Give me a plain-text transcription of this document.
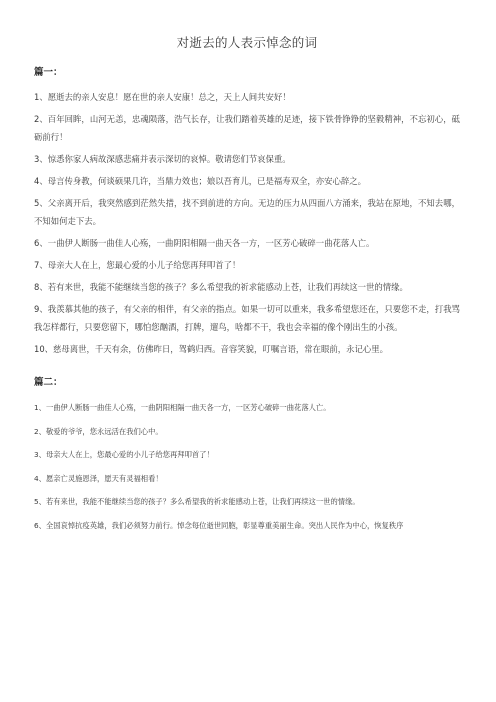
对逝去的人表示悼念的词
篇一：

1、愿逝去的亲人安息！愿在世的亲人安康！总之，天上人间共安好！

2、百年回眸，山河无恙，忠魂陨落，浩气长存，让我们踏着英雄的足迹，接下铁骨铮铮的坚毅精神，不忘初心，砥砺前行！

3、惊悉你家人病故深感悲痛并表示深切的哀悼。敬请您们节哀保重。

4、母言传身教，何谈硕果几许，当鼎力效也；娘以吾育儿，已是福寿双全，亦安心辞之。

5、父亲离开后，我突然感到茫然失措，找不到前进的方向。无边的压力从四面八方涌来，我站在原地，不知去哪，不知如何走下去。

6、一曲伊人断肠一曲佳人心殇，一曲阴阳相隔一曲天各一方，一区芳心破碎一曲花落人亡。

7、母亲大人在上，您最心爱的小儿子给您再拜叩首了！

8、若有来世，我能不能继续当您的孩子？多么希望我的祈求能感动上苍，让我们再续这一世的情缘。

9、我羡慕其他的孩子，有父亲的相伴，有父亲的指点。如果一切可以重来，我多希望您还在，只要您不走，打我骂我怎样都行，只要您留下，哪怕您酗酒，打牌，遛鸟，啥都不干，我也会幸福的像个刚出生的小孩。

10、慈母离世，千天有余，仿佛昨日，驾鹤归西。音容笑貌，叮嘱言语，常在眼前，永记心里。

篇二：

1、一曲伊人断肠一曲佳人心殇，一曲阴阳相隔一曲天各一方，一区芳心破碎一曲花落人亡。

2、敬爱的爷爷，您永远活在我们心中。

3、母亲大人在上，您最心爱的小儿子给您再拜叩首了！

4、愿亲亡灵施恩泽，愿天有灵福相看！

5、若有来世，我能不能继续当您的孩子？多么希望我的祈求能感动上苍，让我们再续这一世的情缘。

6、全国哀悼抗疫英雄，我们必须努力前行。悼念每位逝世同胞，彰显尊重美丽生命。突出人民作为中心，恢复秩序
